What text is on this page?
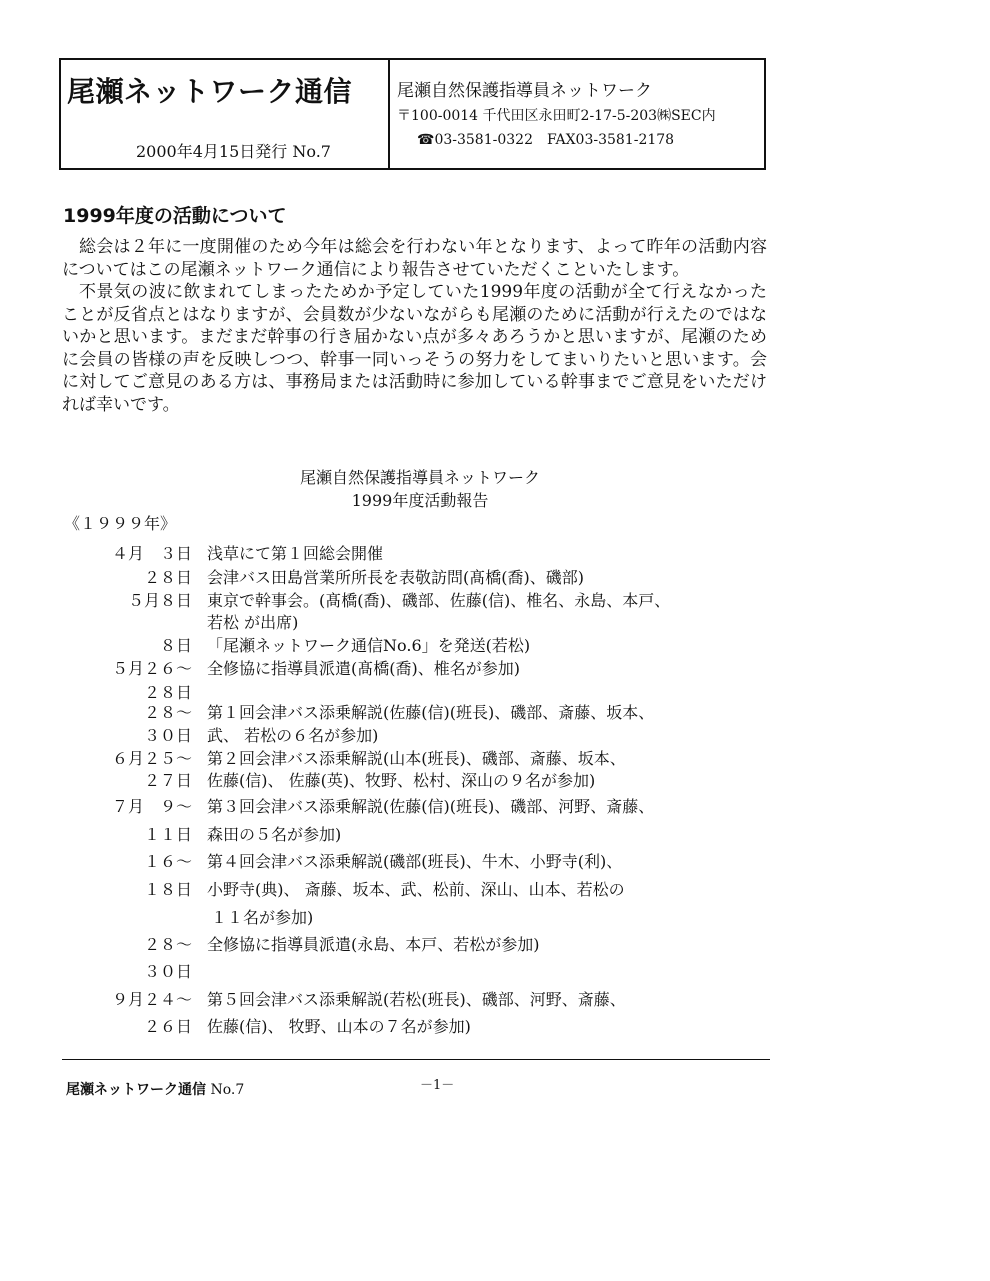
尾瀬ネットワーク通信
2000年4月15日発行 No.7
尾瀬自然保護指導員ネットワーク
〒100-0014 千代田区永田町2-17-5-203㈱SEC内
☎03-3581-0322　FAX03-3581-2178
1999年度の活動について

総会は２年に一度開催のため今年は総会を行わない年となります、よって昨年の活動内容についてはこの尾瀬ネットワーク通信により報告させていただくこといたします。

不景気の波に飲まれてしまったためか予定していた1999年度の活動が全て行えなかったことが反省点とはなりますが、会員数が少ないながらも尾瀬のために活動が行えたのではないかと思います。まだまだ幹事の行き届かない点が多々あろうかと思いますが、尾瀬のために会員の皆様の声を反映しつつ、幹事一同いっそうの努力をしてまいりたいと思います。会に対してご意見のある方は、事務局または活動時に参加している幹事までご意見をいただければ幸いです。

尾瀬自然保護指導員ネットワーク
1999年度活動報告
《１９９９年》
４月　３日 浅草にて第１回総会開催
２８日 会津バス田島営業所所長を表敬訪問(髙橋(喬)、磯部)
５月８日 東京で幹事会。(髙橋(喬)、磯部、佐藤(信)、椎名、永島、本戸、
若松 が出席)
８日 「尾瀬ネットワーク通信No.6」を発送(若松)
５月２６～ 全修協に指導員派遣(髙橋(喬)、椎名が参加)
２８日
２８～ 第１回会津バス添乗解説(佐藤(信)(班長)、磯部、斎藤、坂本、
３０日 武、 若松の６名が参加)
６月２５～ 第２回会津バス添乗解説(山本(班長)、磯部、斎藤、坂本、
２７日 佐藤(信)、 佐藤(英)、牧野、松村、深山の９名が参加)
７月　９～ 第３回会津バス添乗解説(佐藤(信)(班長)、磯部、河野、斎藤、
１１日 森田の５名が参加)
１６～ 第４回会津バス添乗解説(磯部(班長)、牛木、小野寺(利)、
１８日 小野寺(典)、 斎藤、坂本、武、松前、深山、山本、若松の
１１名が参加)
２８～ 全修協に指導員派遣(永島、本戸、若松が参加)
３０日
９月２４～ 第５回会津バス添乗解説(若松(班長)、磯部、河野、斎藤、
２６日 佐藤(信)、 牧野、山本の７名が参加)
尾瀬ネットワーク通信 No.7	－1－
